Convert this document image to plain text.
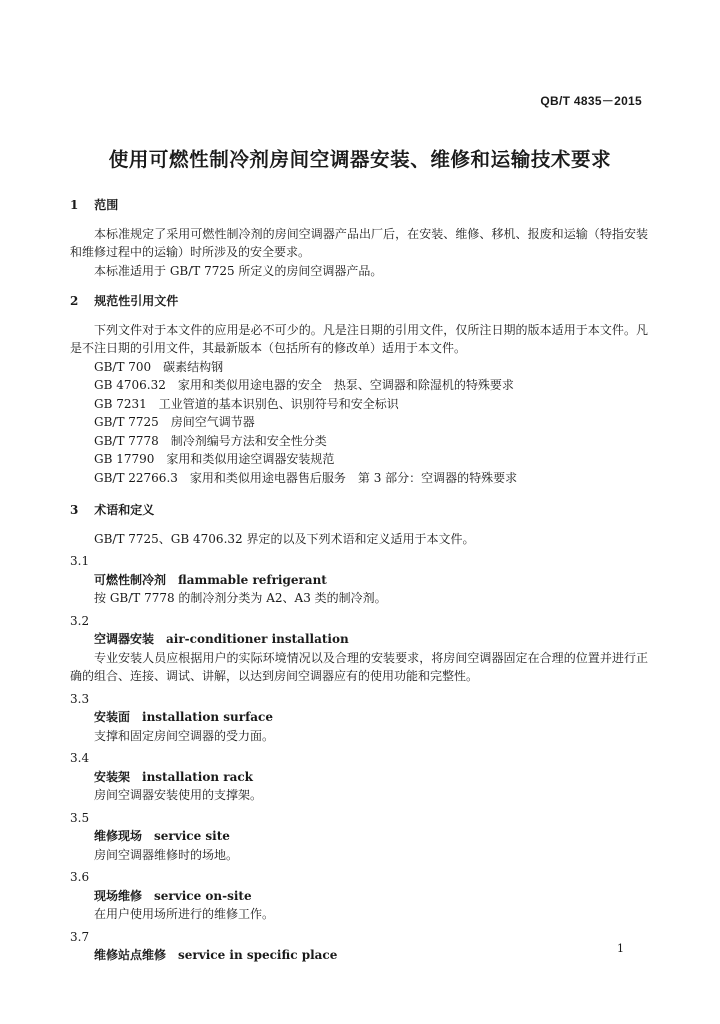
QB/T 4835－2015
使用可燃性制冷剂房间空调器安装、维修和运输技术要求
1 范围
本标准规定了采用可燃性制冷剂的房间空调器产品出厂后，在安装、维修、移机、报废和运输（特指安装和维修过程中的运输）时所涉及的安全要求。
本标准适用于 GB/T 7725 所定义的房间空调器产品。
2 规范性引用文件
下列文件对于本文件的应用是必不可少的。凡是注日期的引用文件，仅所注日期的版本适用于本文件。凡是不注日期的引用文件，其最新版本（包括所有的修改单）适用于本文件。
GB/T 700　碳素结构钢
GB 4706.32　家用和类似用途电器的安全　热泵、空调器和除湿机的特殊要求
GB 7231　工业管道的基本识别色、识别符号和安全标识
GB/T 7725　房间空气调节器
GB/T 7778　制冷剂编号方法和安全性分类
GB 17790　家用和类似用途空调器安装规范
GB/T 22766.3　家用和类似用途电器售后服务　第 3 部分：空调器的特殊要求
3 术语和定义
GB/T 7725、GB 4706.32 界定的以及下列术语和定义适用于本文件。
3.1
可燃性制冷剂 flammable refrigerant
按 GB/T 7778 的制冷剂分类为 A2、A3 类的制冷剂。
3.2
空调器安装 air-conditioner installation
专业安装人员应根据用户的实际环境情况以及合理的安装要求，将房间空调器固定在合理的位置并进行正确的组合、连接、调试、讲解，以达到房间空调器应有的使用功能和完整性。
3.3
安装面 installation surface
支撑和固定房间空调器的受力面。
3.4
安装架 installation rack
房间空调器安装使用的支撑架。
3.5
维修现场 service site
房间空调器维修时的场地。
3.6
现场维修 service on-site
在用户使用场所进行的维修工作。
3.7
维修站点维修 service in specific place	1
